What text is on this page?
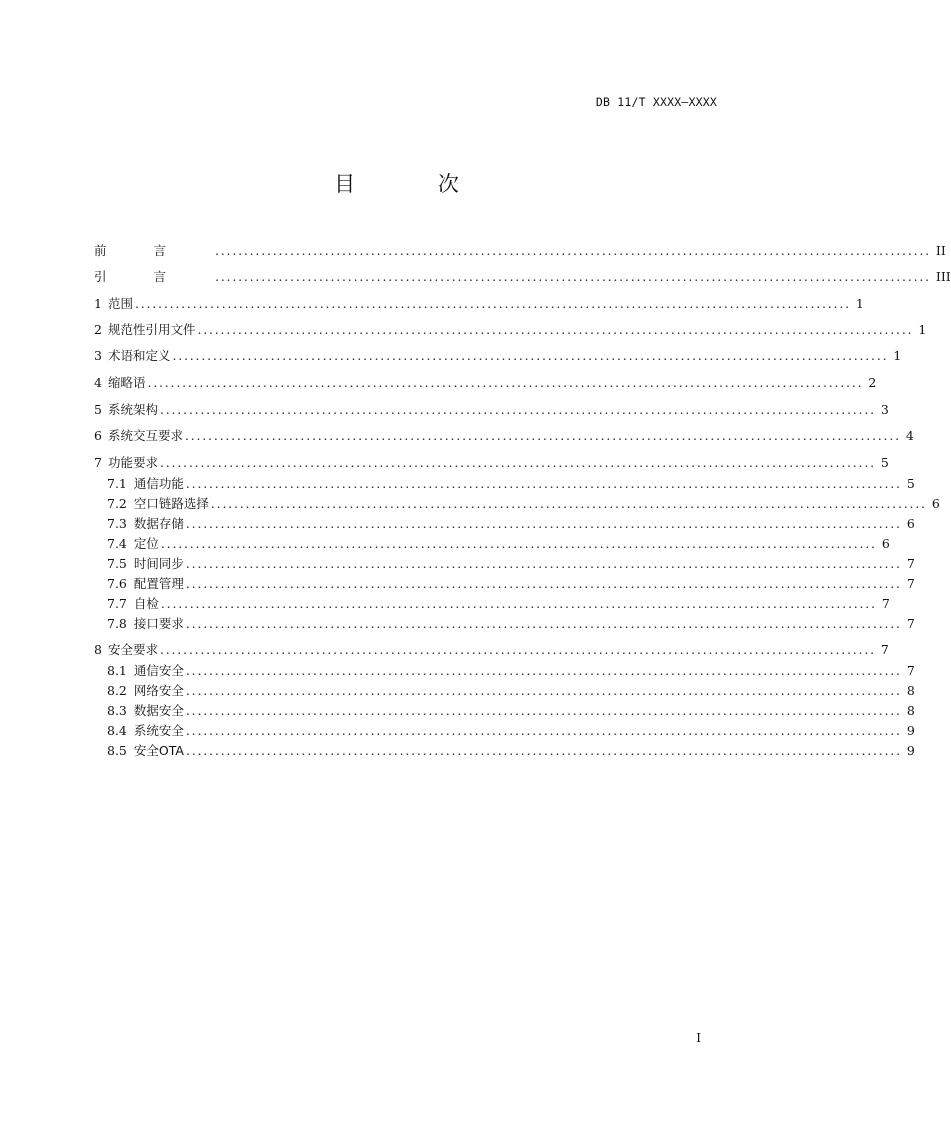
DB 11/T XXXX—XXXX
目 次
前言 ............................................................................................................................ II
引言 ............................................................................................................................ III
1 范围 ............................................................................................................................ 1
2 规范性引用文件 ............................................................................................................................ 1
3 术语和定义 ............................................................................................................................ 1
4 缩略语 ............................................................................................................................ 2
5 系统架构 ............................................................................................................................ 3
6 系统交互要求 ............................................................................................................................ 4
7 功能要求 ............................................................................................................................ 5
7.1 通信功能 ............................................................................................................................ 5
7.2 空口链路选择 ............................................................................................................................ 6
7.3 数据存储 ............................................................................................................................ 6
7.4 定位 ............................................................................................................................ 6
7.5 时间同步 ............................................................................................................................ 7
7.6 配置管理 ............................................................................................................................ 7
7.7 自检 ............................................................................................................................ 7
7.8 接口要求 ............................................................................................................................ 7
8 安全要求 ............................................................................................................................ 7
8.1 通信安全 ............................................................................................................................ 7
8.2 网络安全 ............................................................................................................................ 8
8.3 数据安全 ............................................................................................................................ 8
8.4 系统安全 ............................................................................................................................ 9
8.5 安全OTA ............................................................................................................................ 9
I
